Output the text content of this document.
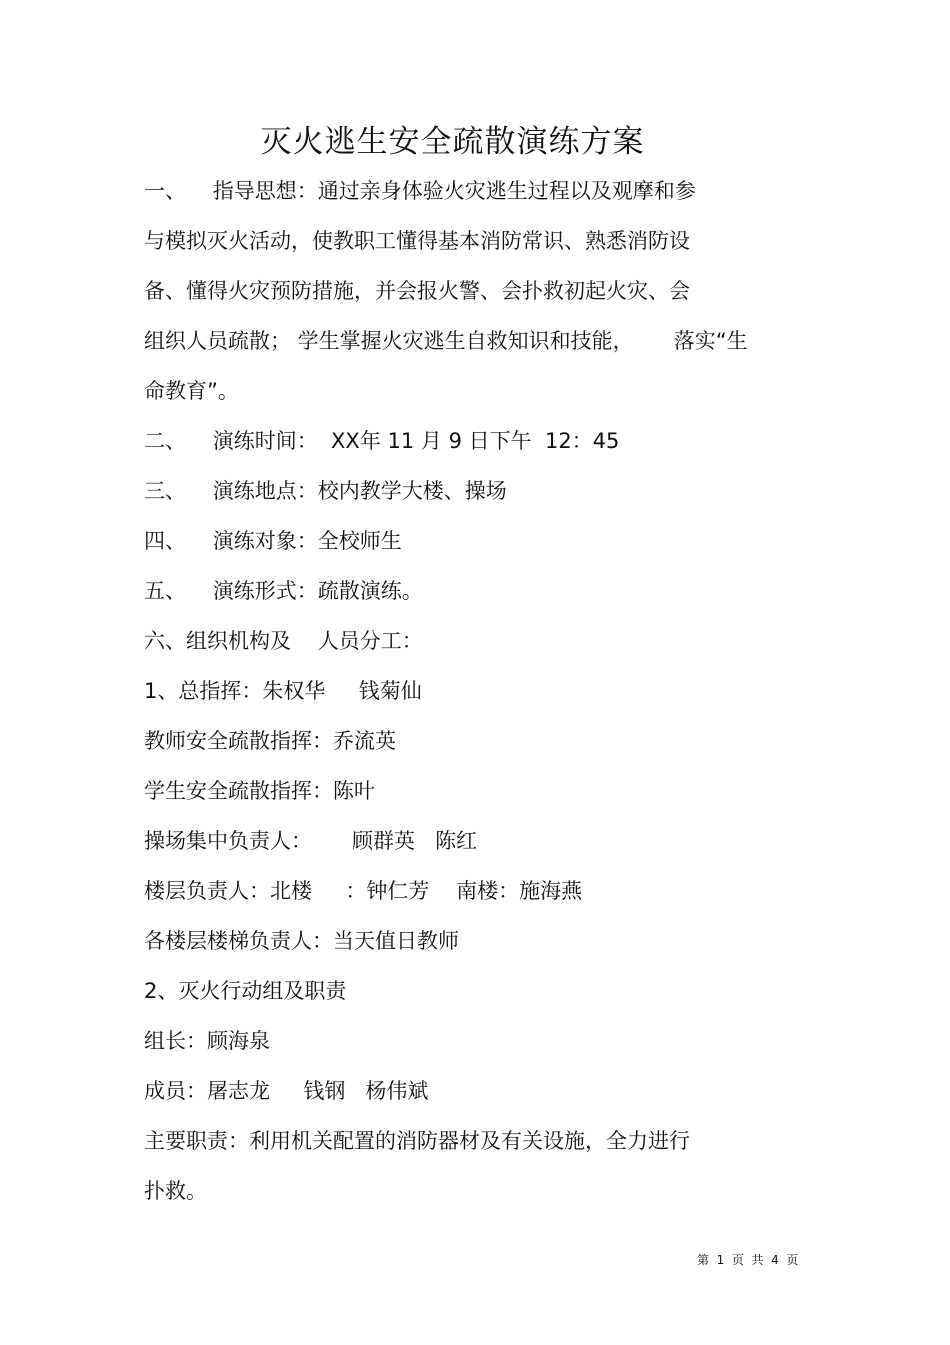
灭火逃生安全疏散演练方案
一、    指导思想：通过亲身体验火灾逃生过程以及观摩和参
与模拟灭火活动，使教职工懂得基本消防常识、熟悉消防设
备、懂得火灾预防措施，并会报火警、会扑救初起火灾、会
组织人员疏散； 学生掌握火灾逃生自救知识和技能，      落实“生
命教育”。
二、    演练时间：  XX年 11 月 9 日下午  12：45
三、    演练地点：校内教学大楼、操场
四、    演练对象：全校师生
五、    演练形式：疏散演练。
六、组织机构及    人员分工：
1、总指挥：朱权华     钱菊仙
教师安全疏散指挥：乔流英
学生安全疏散指挥：陈叶
操场集中负责人：      顾群英   陈红
楼层负责人：北楼     ：钟仁芳    南楼：施海燕
各楼层楼梯负责人：当天值日教师
2、灭火行动组及职责
组长：顾海泉
成员：屠志龙     钱钢   杨伟斌
主要职责：利用机关配置的消防器材及有关设施，全力进行
扑救。
第  1  页  共  4  页
